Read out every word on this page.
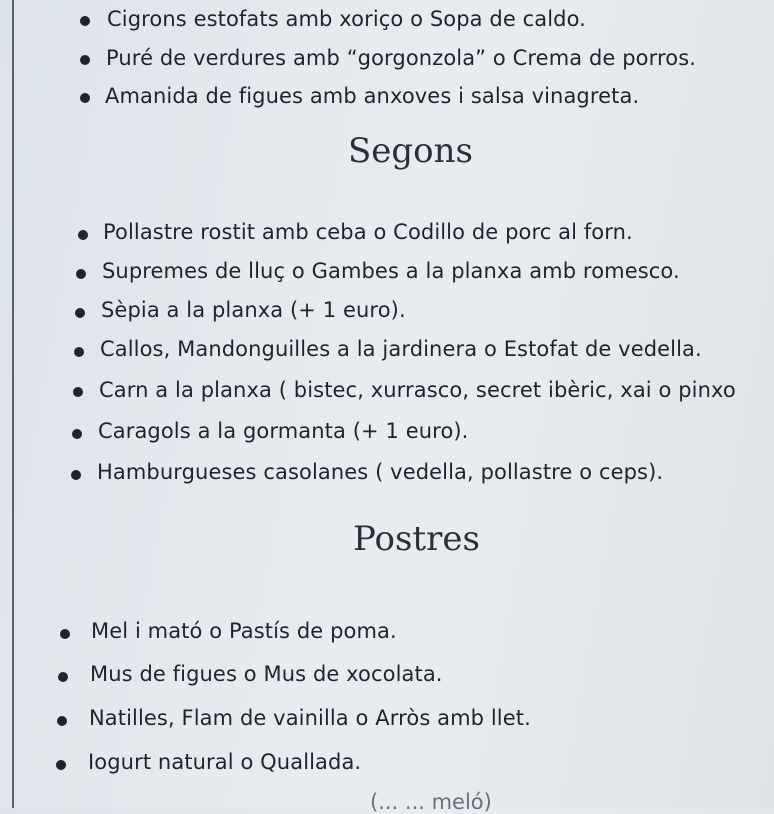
Cigrons estofats amb xoriço o Sopa de caldo.
Puré de verdures amb “gorgonzola” o Crema de porros.
Amanida de figues amb anxoves i salsa vinagreta.
Segons
Pollastre rostit amb ceba o Codillo de porc al forn.
Supremes de lluç o Gambes a la planxa amb romesco.
Sèpia a la planxa (+ 1 euro).
Callos, Mandonguilles a la jardinera o Estofat de vedella.
Carn a la planxa ( bistec, xurrasco, secret ibèric, xai o pinxo
Caragols a la gormanta (+ 1 euro).
Hamburgueses casolanes ( vedella, pollastre o ceps).
Postres
Mel i mató o Pastís de poma.
Mus de figues o Mus de xocolata.
Natilles, Flam de vainilla o Arròs amb llet.
Iogurt natural o Quallada.
(... ... meló)
